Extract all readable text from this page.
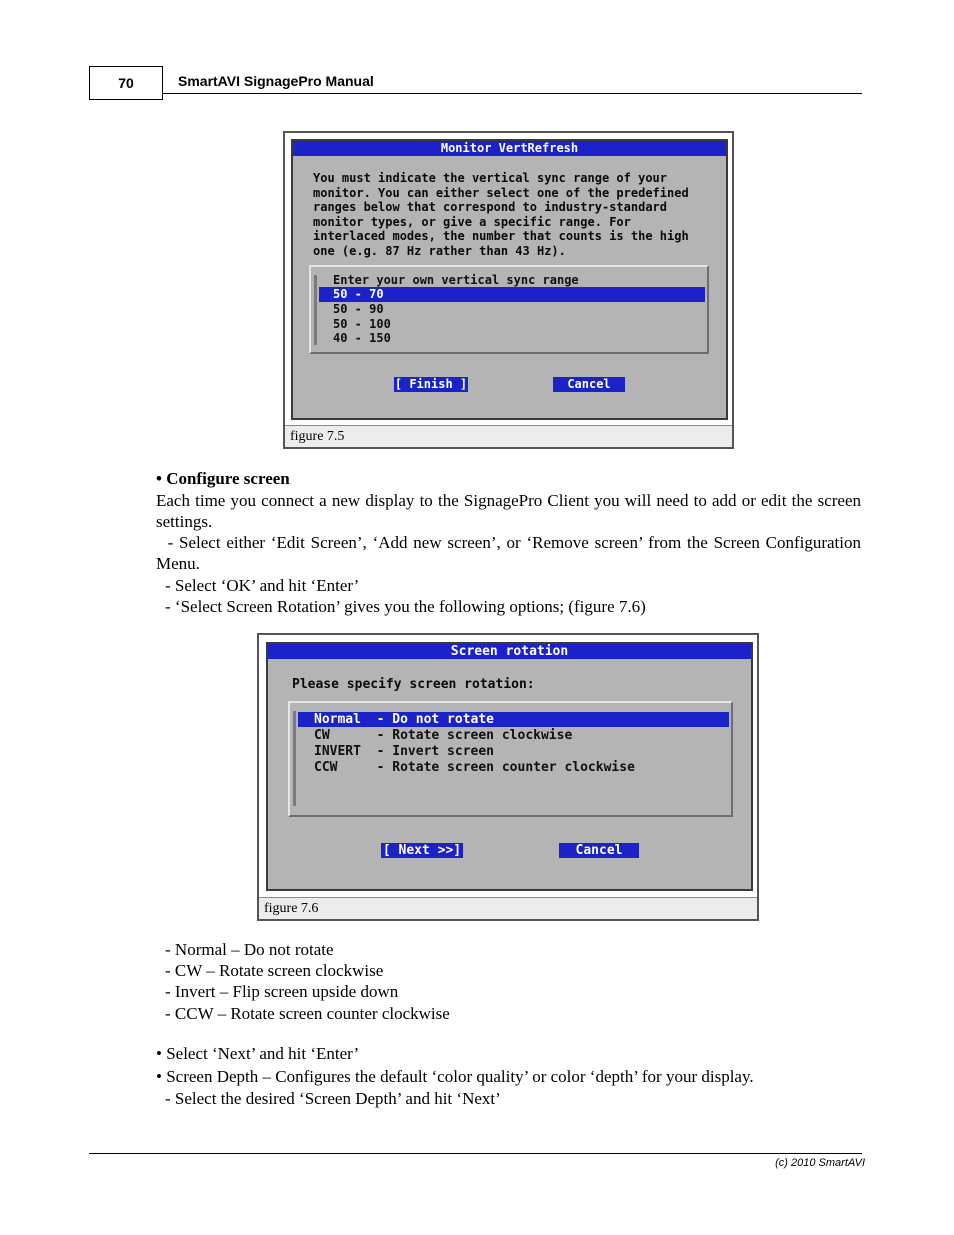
70	SmartAVI SignagePro Manual
Monitor VertRefresh
You must indicate the vertical sync range of your
monitor. You can either select one of the predefined
ranges below that correspond to industry-standard
monitor types, or give a specific range. For
interlaced modes, the number that counts is the high
one (e.g. 87 Hz rather than 43 Hz).
Enter your own vertical sync range
50 - 70
50 - 90
50 - 100
40 - 150
[ Finish ]	Cancel
figure 7.5
• Configure screen
Each time you connect a new display to the SignagePro Client you will need to add or edit the screen settings.
- Select either ‘Edit Screen’, ‘Add new screen’, or ‘Remove screen’ from the Screen Configuration Menu.
- Select ‘OK’ and hit ‘Enter’
- ‘Select Screen Rotation’ gives you the following options; (figure 7.6)
Screen rotation
Please specify screen rotation:
Normal  - Do not rotate
CW      - Rotate screen clockwise
INVERT  - Invert screen
CCW     - Rotate screen counter clockwise
[ Next >>]	Cancel
figure 7.6
- Normal – Do not rotate
- CW – Rotate screen clockwise
- Invert – Flip screen upside down
- CCW – Rotate screen counter clockwise
• Select ‘Next’ and hit ‘Enter’
• Screen Depth – Configures the default ‘color quality’ or color ‘depth’ for your display.
- Select the desired ‘Screen Depth’ and hit ‘Next’
(c) 2010 SmartAVI
